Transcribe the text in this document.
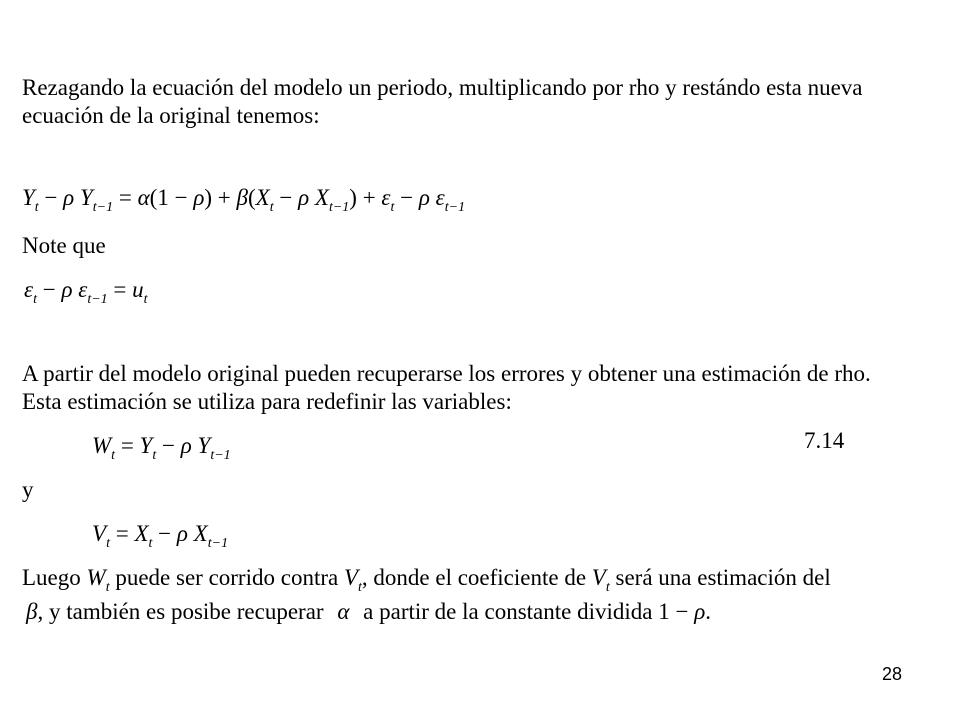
Rezagando la ecuación del modelo un periodo, multiplicando por rho y restándo esta nueva
ecuación de la original tenemos:
$Y_t - \rho$ $Y_{t-1} = \alpha(1 - \rho) + \beta(X_t - \rho$ $X_{t-1}) + \varepsilon_t - \rho$ $\varepsilon_{t-1}$
Note que
$\varepsilon_t - \rho$ $\varepsilon_{t-1} = u_t$
A partir del modelo original pueden recuperarse los errores y obtener una estimación de rho.
Esta estimación se utiliza para redefinir las variables:
$W_t = Y_t - \rho$ $Y_{t-1}$
7.14
y
$V_t = X_t - \rho$ $X_{t-1}$
Luego $W_t$ puede ser corrido contra $V_t$, donde el coeficiente de $V_t$ será una estimación del
β, y también es posibe recuperar α a partir de la constante dividida 1 − ρ.
28
